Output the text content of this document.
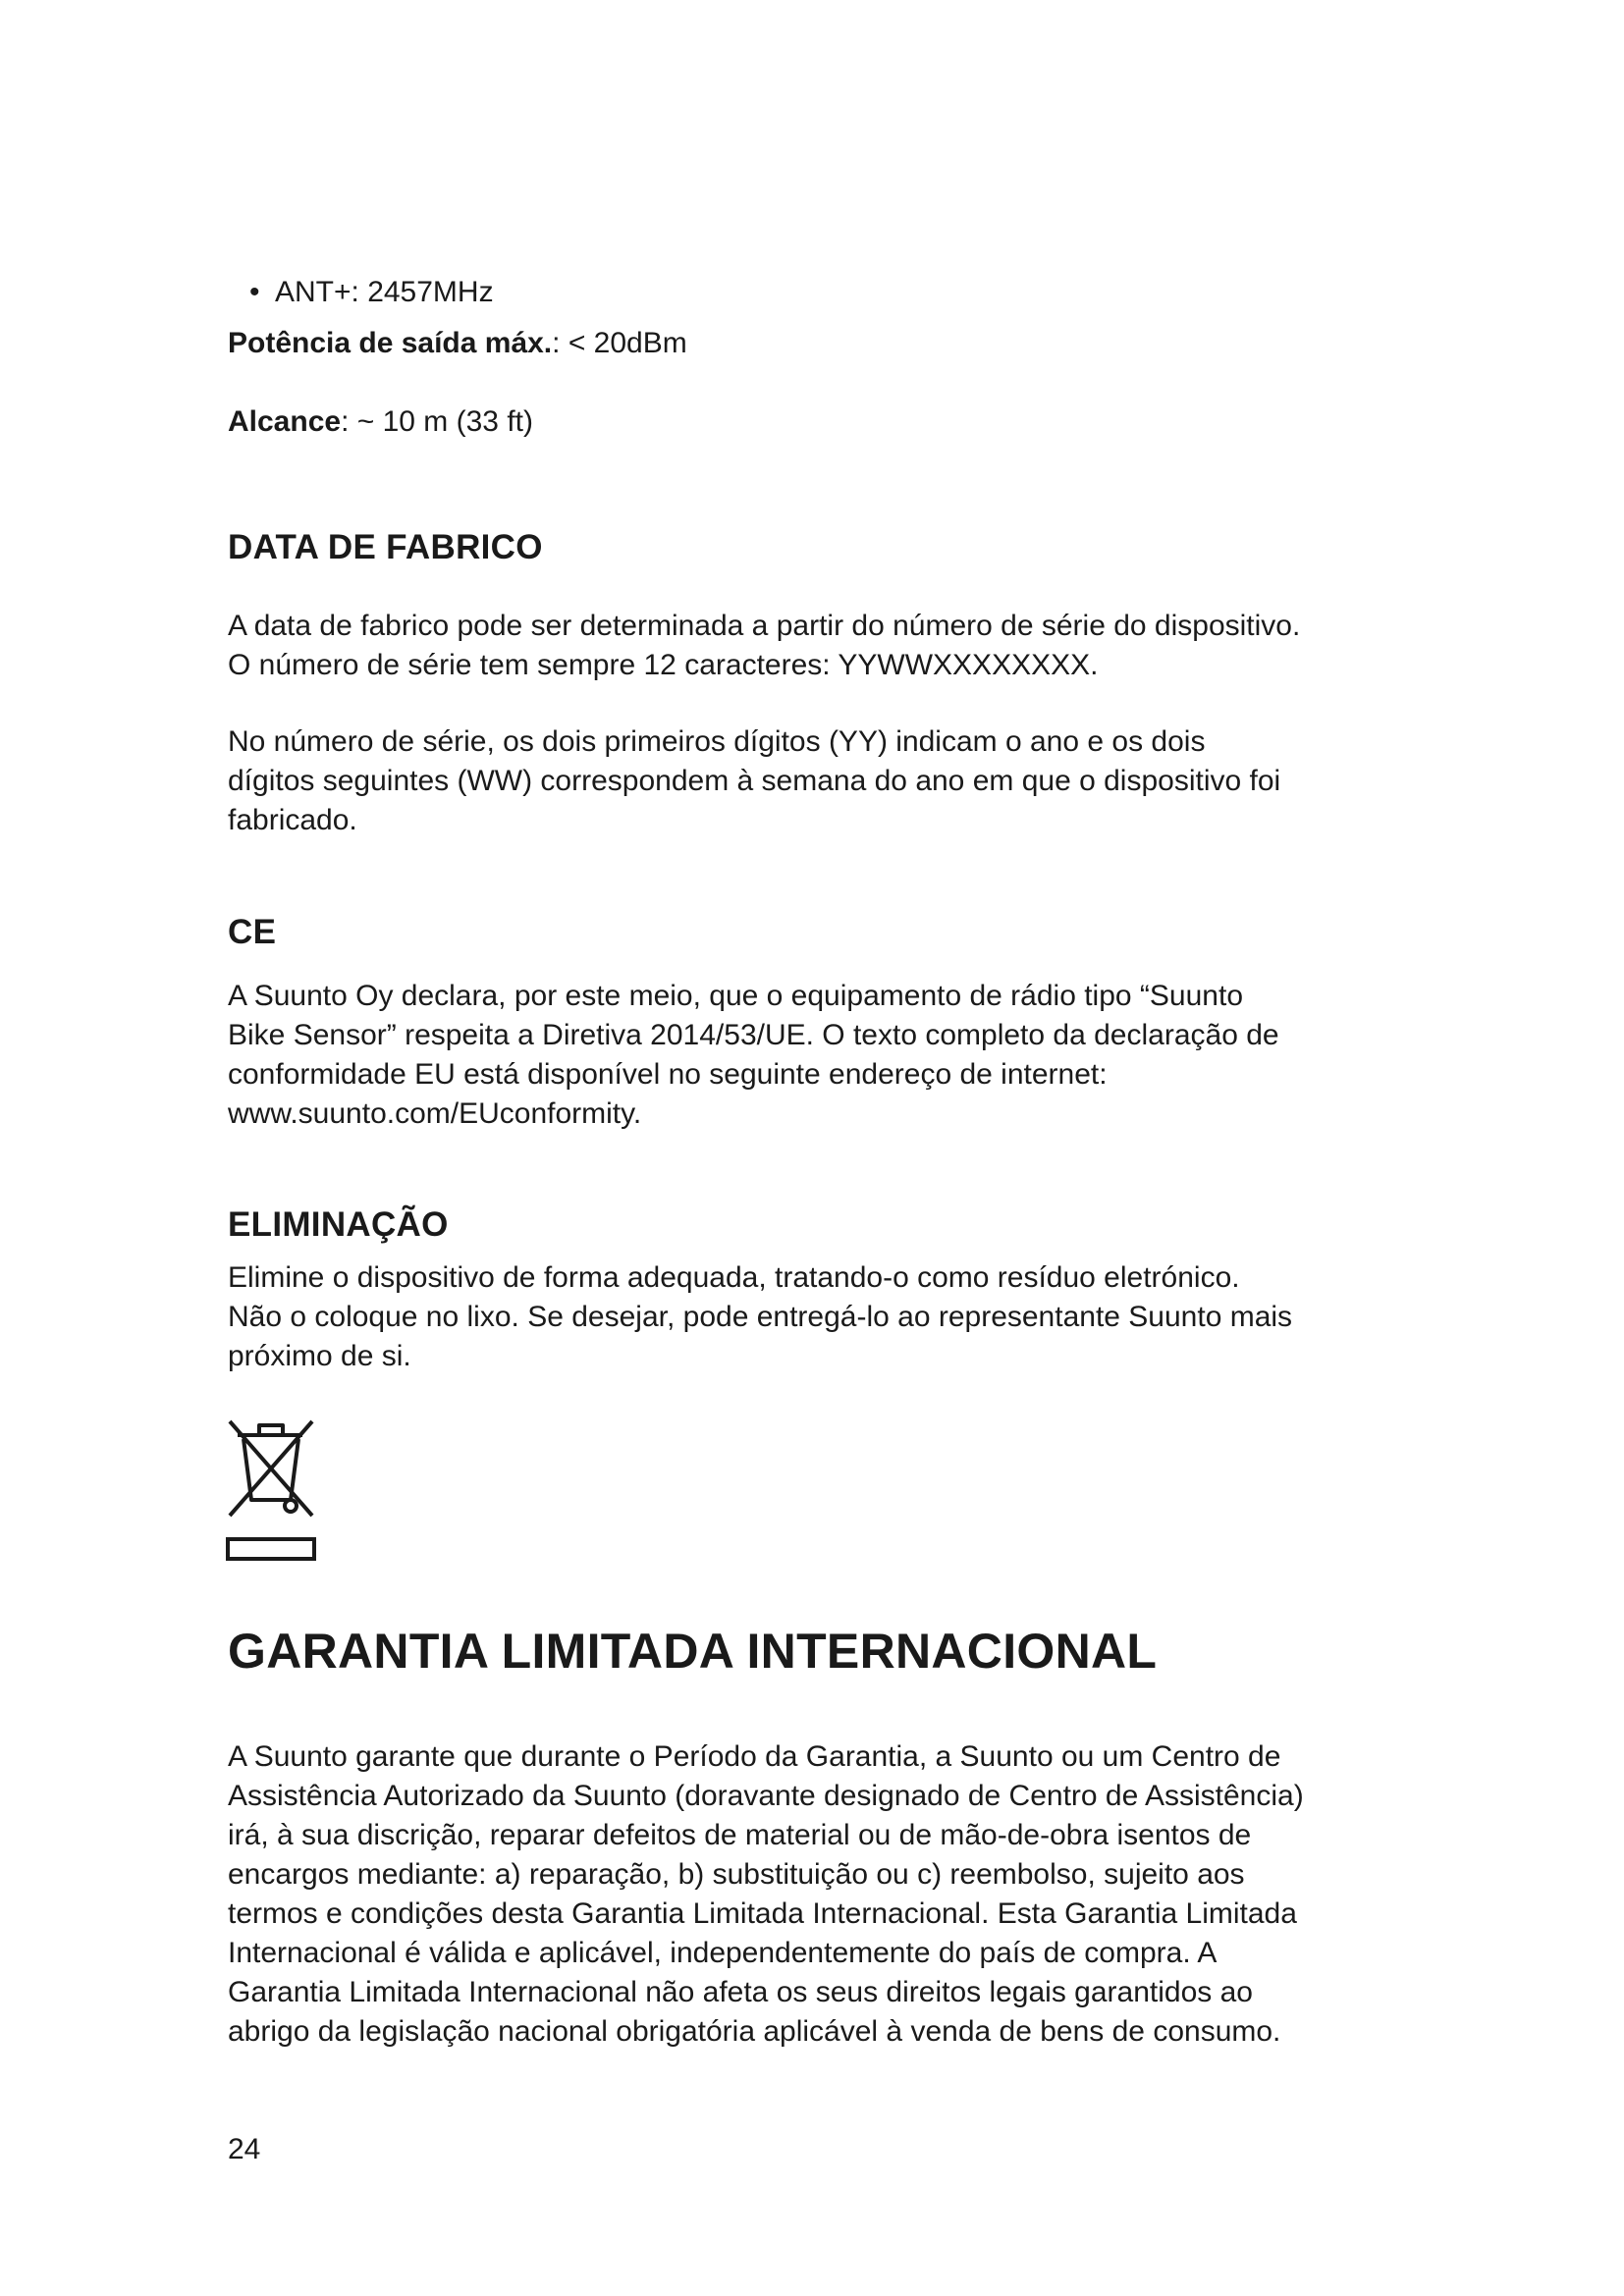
• ANT+: 2457MHz
Potência de saída máx.: < 20dBm
Alcance: ~ 10 m (33 ft)
DATA DE FABRICO

A data de fabrico pode ser determinada a partir do número de série do dispositivo.

O número de série tem sempre 12 caracteres: YYWWXXXXXXXX.

No número de série, os dois primeiros dígitos (YY) indicam o ano e os dois

dígitos seguintes (WW) correspondem à semana do ano em que o dispositivo foi

fabricado.

CE

A Suunto Oy declara, por este meio, que o equipamento de rádio tipo “Suunto

Bike Sensor” respeita a Diretiva 2014/53/UE. O texto completo da declaração de

conformidade EU está disponível no seguinte endereço de internet:

www.suunto.com/EUconformity.

ELIMINAÇÃO

Elimine o dispositivo de forma adequada, tratando-o como resíduo eletrónico.

Não o coloque no lixo. Se desejar, pode entregá-lo ao representante Suunto mais

próximo de si.

GARANTIA LIMITADA INTERNACIONAL

A Suunto garante que durante o Período da Garantia, a Suunto ou um Centro de

Assistência Autorizado da Suunto (doravante designado de Centro de Assistência)

irá, à sua discrição, reparar defeitos de material ou de mão-de-obra isentos de

encargos mediante: a) reparação, b) substituição ou c) reembolso, sujeito aos

termos e condições desta Garantia Limitada Internacional. Esta Garantia Limitada

Internacional é válida e aplicável, independentemente do país de compra. A

Garantia Limitada Internacional não afeta os seus direitos legais garantidos ao

abrigo da legislação nacional obrigatória aplicável à venda de bens de consumo.

24
